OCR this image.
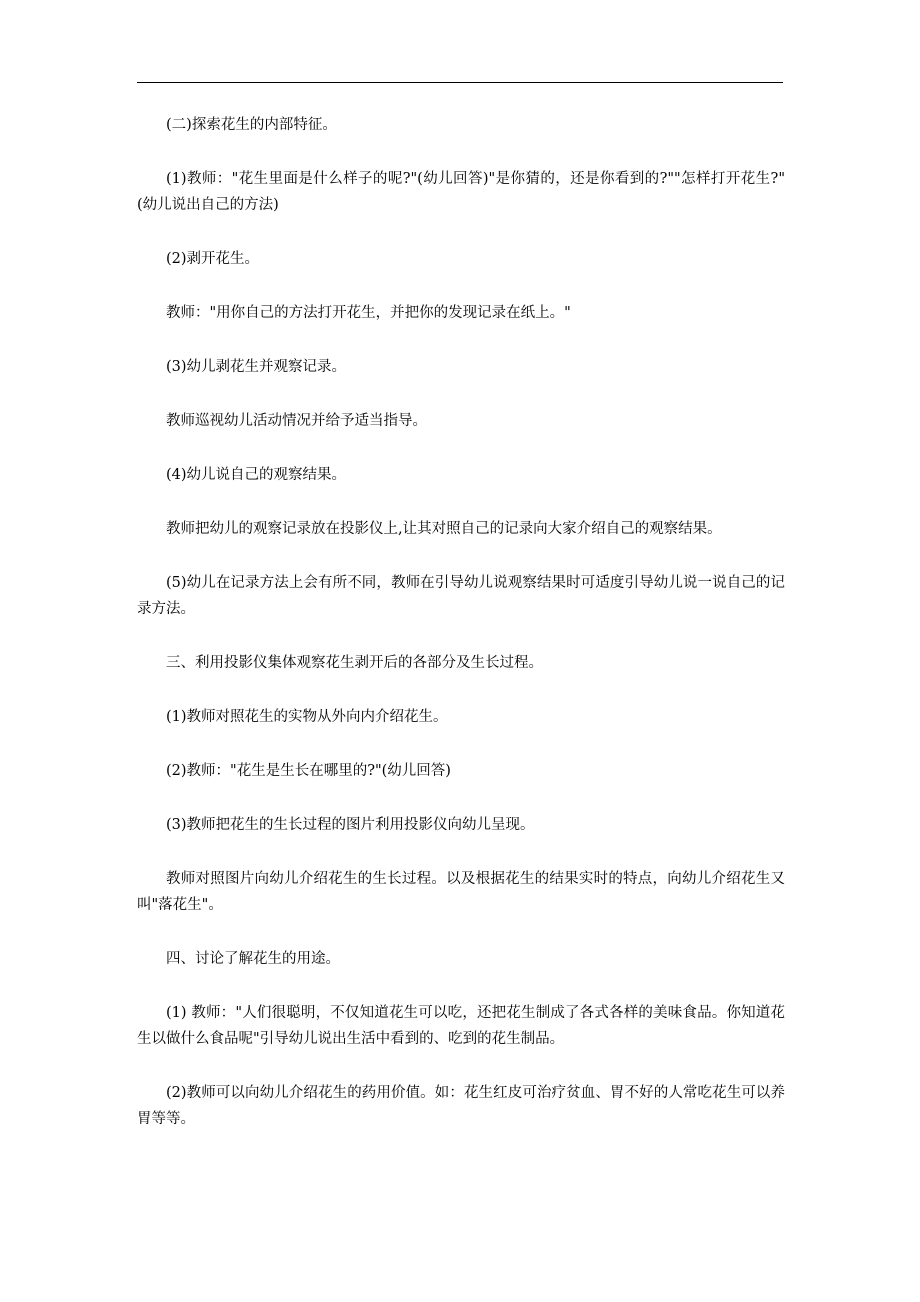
(二)探索花生的内部特征。

(1)教师："花生里面是什么样子的呢?"(幼儿回答)"是你猜的，还是你看到的?""怎样打开花生?"(幼儿说出自己的方法)

(2)剥开花生。

教师："用你自己的方法打开花生，并把你的发现记录在纸上。"

(3)幼儿剥花生并观察记录。

教师巡视幼儿活动情况并给予适当指导。

(4)幼儿说自己的观察结果。

教师把幼儿的观察记录放在投影仪上,让其对照自己的记录向大家介绍自己的观察结果。

(5)幼儿在记录方法上会有所不同，教师在引导幼儿说观察结果时可适度引导幼儿说一说自己的记录方法。

三、利用投影仪集体观察花生剥开后的各部分及生长过程。

(1)教师对照花生的实物从外向内介绍花生。

(2)教师："花生是生长在哪里的?"(幼儿回答)

(3)教师把花生的生长过程的图片利用投影仪向幼儿呈现。

教师对照图片向幼儿介绍花生的生长过程。以及根据花生的结果实时的特点，向幼儿介绍花生又叫"落花生"。

四、讨论了解花生的用途。

(1) 教师："人们很聪明，不仅知道花生可以吃，还把花生制成了各式各样的美味食品。你知道花生以做什么食品呢"引导幼儿说出生活中看到的、吃到的花生制品。

(2)教师可以向幼儿介绍花生的药用价值。如：花生红皮可治疗贫血、胃不好的人常吃花生可以养胃等等。
